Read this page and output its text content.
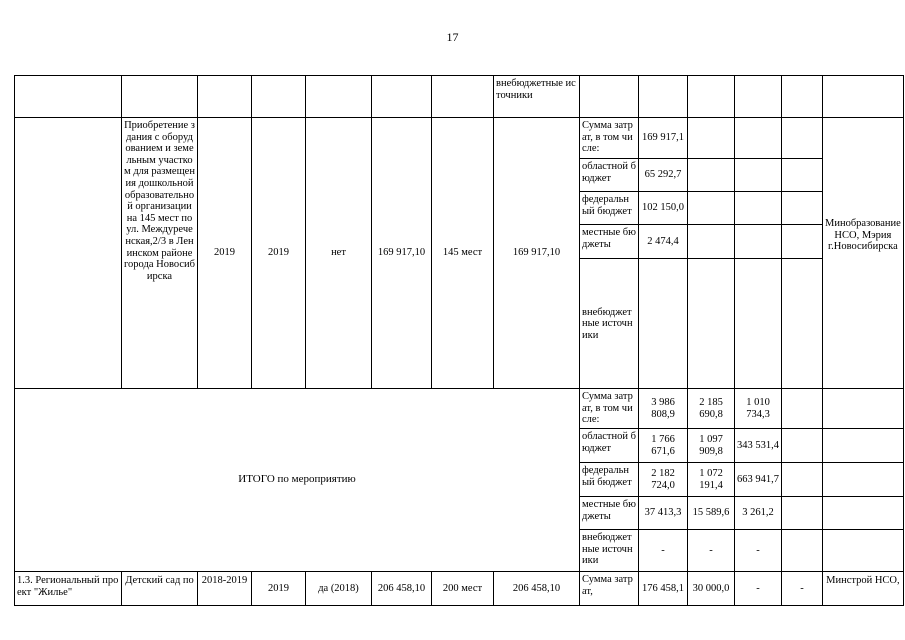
17
							внебюджетные источники						
	Приобретение здания с оборудованием и земельным участком для размещения дошкольной образовательной организации на 145 мест по ул. Междуреченская,2/3 в Ленинском районе города Новосибирска	2019	2019	нет	169 917,10	145 мест	169 917,10	Сумма затрат, в том числе:	169 917,1				Минобразование НСО, Мэрия г.Новосибирска
								областной бюджет	65 292,7				
								федеральный бюджет	102 150,0				
								местные бюджеты	2 474,4				
								внебюджетные источники					
ИТОГО по мероприятию								Сумма затрат, в том числе:	3 986 808,9	2 185 690,8	1 010 734,3		
								областной бюджет	1 766 671,6	1 097 909,8	343 531,4		
								федеральный бюджет	2 182 724,0	1 072 191,4	663 941,7		
								местные бюджеты	37 413,3	15 589,6	3 261,2		
								внебюджетные источники	-	-	-		
1.3. Региональный проект "Жилье"	Детский сад по	2018-2019	2019	да (2018)	206 458,10	200 мест	206 458,10	Сумма затрат,	176 458,1	30 000,0	-	-	Минстрой НСО,
